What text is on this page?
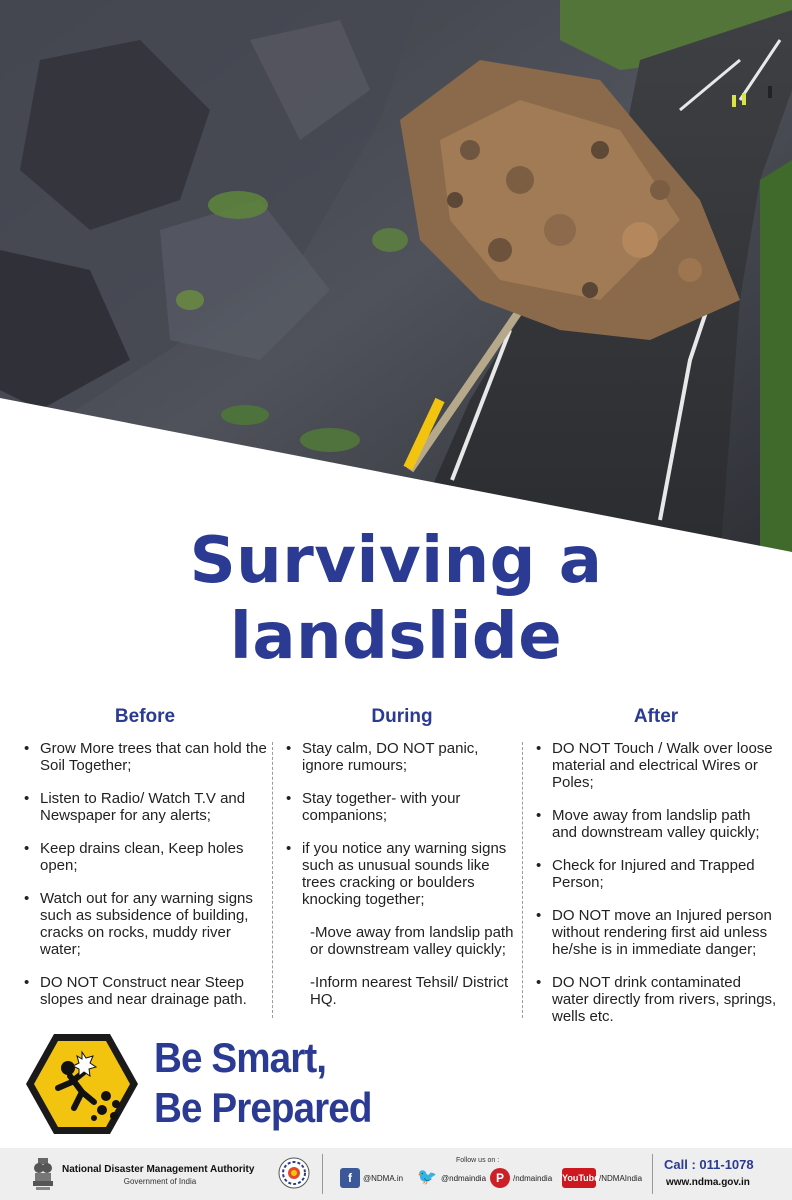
Surviving a
landslide
Before
• Grow More trees that can hold the Soil Together;
• Listen to Radio/ Watch T.V and Newspaper for any alerts;
• Keep drains clean, Keep holes open;
• Watch out for any warning signs such as subsidence of building, cracks on rocks, muddy river water;
• DO NOT Construct near Steep slopes and near drainage path.
During
• Stay calm, DO NOT panic, ignore rumours;
• Stay together- with your companions;
• if you notice any warning signs such as unusual sounds like trees cracking or boulders knocking together;
-Move away from landslip path or downstream valley quickly;
-Inform nearest Tehsil/ District HQ.
After
• DO NOT Touch / Walk over loose material and electrical Wires or Poles;
• Move away from landslip path and downstream valley quickly;
• Check for Injured and Trapped Person;
• DO NOT move an Injured person without rendering first aid unless he/she is in immediate danger;
• DO NOT drink contaminated water directly from rivers, springs, wells etc.
Be Smart,
Be Prepared
National Disaster Management Authority
Government of India
Follow us on :
f	@NDMA.in 🐦 @ndmaindia P	/ndmaindia YouTube /NDMAIndia
Call : 011-1078
www.ndma.gov.in
